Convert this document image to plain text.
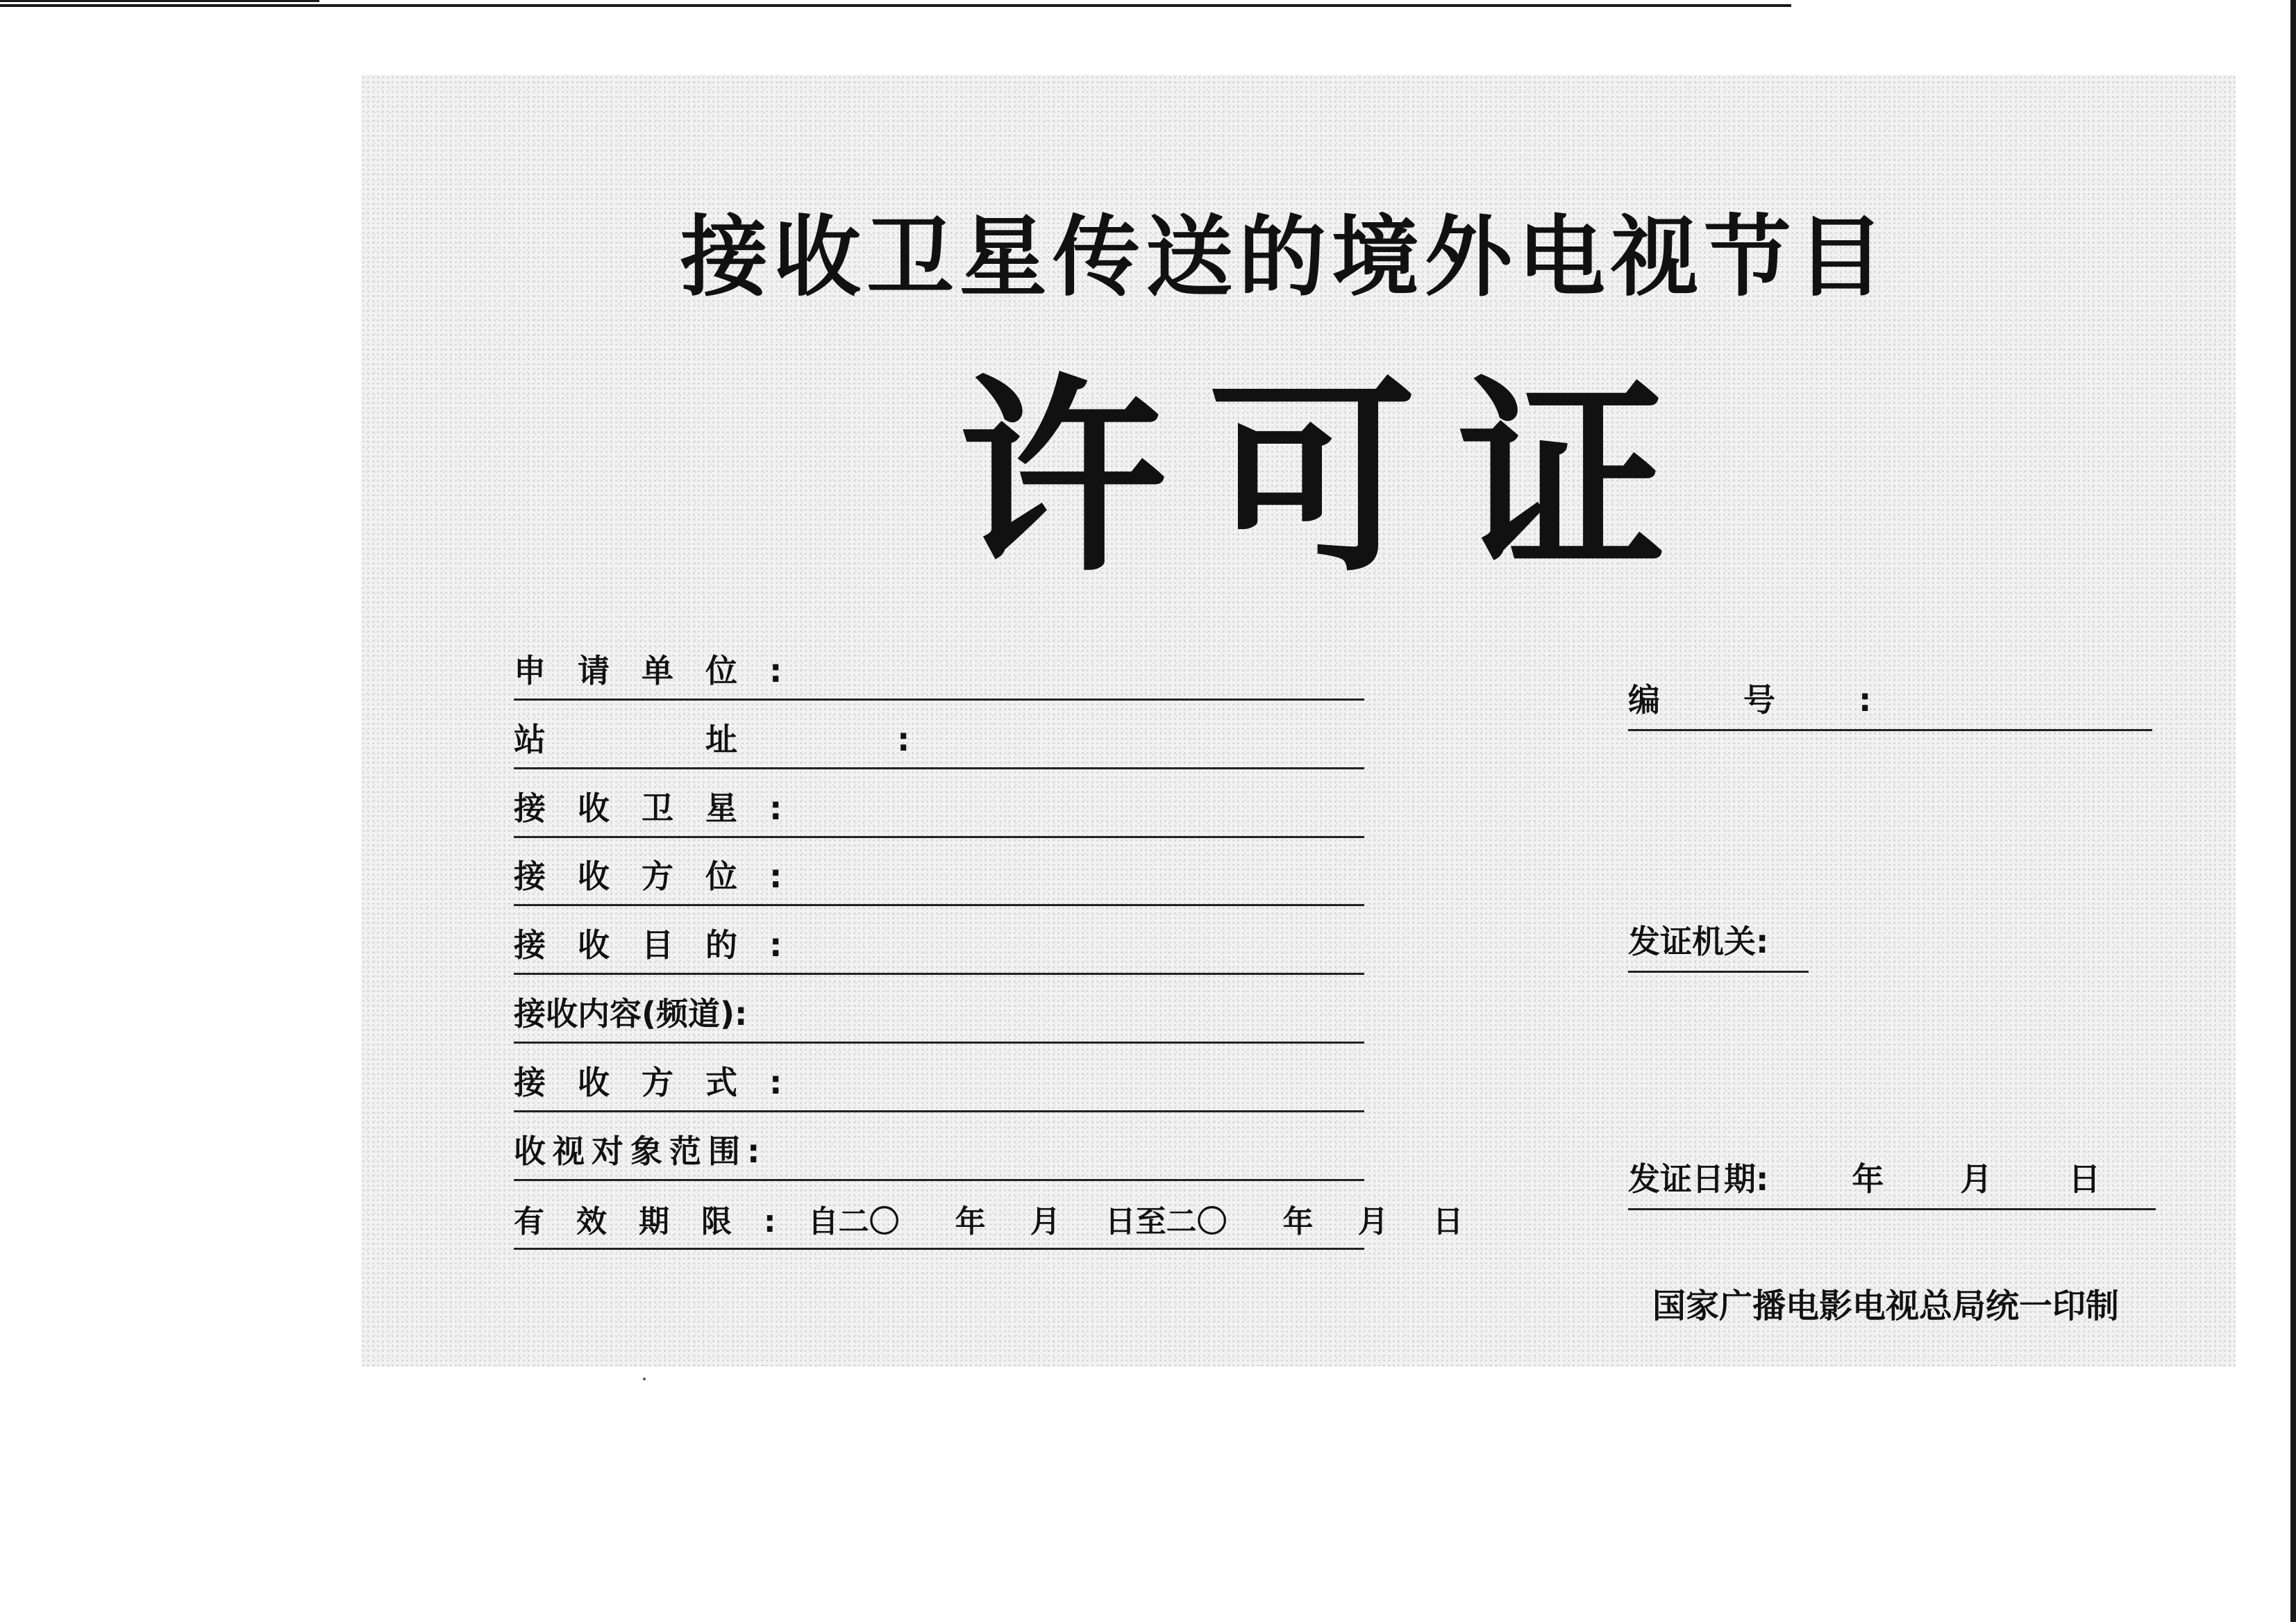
接收卫星传送的境外电视节目
许可证
申请单位:
站址:
接收卫星:
接收方位:
接收目的:
接收内容(频道):
接收方式:
收视对象范围:
有效期限:自二〇 年 月 日至二〇 年 月 日
编号:
发证机关:
发证日期:	年 月 日
国家广播电影电视总局统一印制
